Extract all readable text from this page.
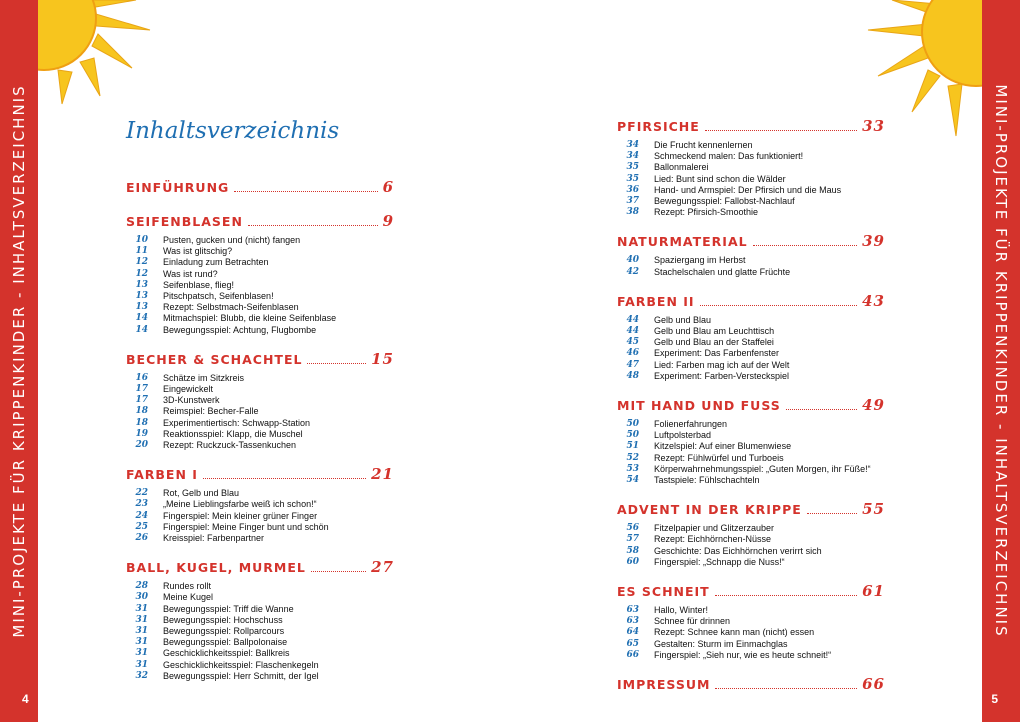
MINI-PROJEKTE FÜR KRIPPENKINDER - INHALTSVERZEICHNIS
4
MINI-PROJEKTE FÜR KRIPPENKINDER - INHALTSVERZEICHNIS
5
Inhaltsverzeichnis
EINFÜHRUNG	6
SEIFENBLASEN	9
10 Pusten, gucken und (nicht) fangen
11 Was ist glitschig?
12 Einladung zum Betrachten
12 Was ist rund?
13 Seifenblase, flieg!
13 Pitschpatsch, Seifenblasen!
13 Rezept: Selbstmach-Seifenblasen
14 Mitmachspiel: Blubb, die kleine Seifenblase
14 Bewegungsspiel: Achtung, Flugbombe
BECHER & SCHACHTEL	15
16 Schätze im Sitzkreis
17 Eingewickelt
17 3D-Kunstwerk
18 Reimspiel: Becher-Falle
18 Experimentiertisch: Schwapp-Station
19 Reaktionsspiel: Klapp, die Muschel
20 Rezept: Ruckzuck-Tassenkuchen
FARBEN I	21
22 Rot, Gelb und Blau
23 „Meine Lieblingsfarbe weiß ich schon!“
24 Fingerspiel: Mein kleiner grüner Finger
25 Fingerspiel: Meine Finger bunt und schön
26 Kreisspiel: Farbenpartner
BALL, KUGEL, MURMEL	27
28 Rundes rollt
30 Meine Kugel
31 Bewegungsspiel: Triff die Wanne
31 Bewegungsspiel: Hochschuss
31 Bewegungsspiel: Rollparcours
31 Bewegungsspiel: Ballpolonaise
31 Geschicklichkeitsspiel: Ballkreis
31 Geschicklichkeitsspiel: Flaschenkegeln
32 Bewegungsspiel: Herr Schmitt, der Igel
PFIRSICHE	33
34 Die Frucht kennenlernen
34 Schmeckend malen: Das funktioniert!
35 Ballonmalerei
35 Lied: Bunt sind schon die Wälder
36 Hand- und Armspiel: Der Pfirsich und die Maus
37 Bewegungsspiel: Fallobst-Nachlauf
38 Rezept: Pfirsich-Smoothie
NATURMATERIAL	39
40 Spaziergang im Herbst
42 Stachelschalen und glatte Früchte
FARBEN II	43
44 Gelb und Blau
44 Gelb und Blau am Leuchttisch
45 Gelb und Blau an der Staffelei
46 Experiment: Das Farbenfenster
47 Lied: Farben mag ich auf der Welt
48 Experiment: Farben-Versteckspiel
MIT HAND UND FUSS	49
50 Folienerfahrungen
50 Luftpolsterbad
51 Kitzelspiel: Auf einer Blumenwiese
52 Rezept: Fühlwürfel und Turboeis
53 Körperwahrnehmungsspiel: „Guten Morgen, ihr Füße!“
54 Tastspiele: Fühlschachteln
ADVENT IN DER KRIPPE	55
56 Fitzelpapier und Glitzerzauber
57 Rezept: Eichhörnchen-Nüsse
58 Geschichte: Das Eichhörnchen verirrt sich
60 Fingerspiel: „Schnapp die Nuss!“
ES SCHNEIT	61
63 Hallo, Winter!
63 Schnee für drinnen
64 Rezept: Schnee kann man (nicht) essen
65 Gestalten: Sturm im Einmachglas
66 Fingerspiel: „Sieh nur, wie es heute schneit!“
IMPRESSUM	66
